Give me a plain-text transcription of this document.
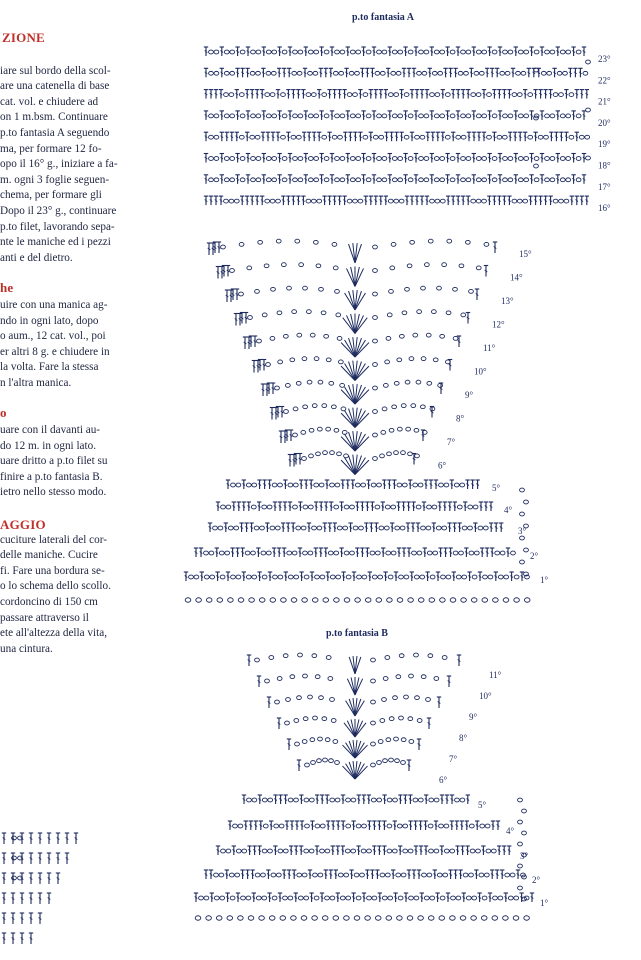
ZIONE

iare sul bordo della scol-

are una catenella di base

cat. vol. e chiudere ad

on 1 m.bsm. Continuare

p.to fantasia A seguendo

ma, per formare 12 fo-

opo il 16° g., iniziare a fa-

m. ogni 3 foglie seguen-

chema, per formare gli

Dopo il 23° g., continuare

p.to filet, lavorando sepa-

nte le maniche ed i pezzi

anti e del dietro.

he

uire con una manica ag-

ndo in ogni lato, dopo

o aum., 12 cat. vol., poi

er altri 8 g. e chiudere in

la volta. Fare la stessa

n l'altra manica.

o

uare con il davanti au-

do 12 m. in ogni lato.

uare dritto a p.to filet su

finire a p.to fantasia B.

ietro nello stesso modo.

AGGIO

cuciture laterali del cor-

delle maniche. Cucire

fi. Fare una bordura se-

o lo schema dello scollo.

cordoncino di 150 cm

passare attraverso il

ete all'altezza della vita,

una cintura.

p.to fantasia A
p.to fantasia B
23°
22°
21°
20°
19°
18°
17°
16°
15°
14°
13°
12°
11°
10°
9°
8°
7°
6°
5°
4°
3°
2°
1°
11°
10°
9°
8°
7°
6°
5°
4°
3°
2°
1°
